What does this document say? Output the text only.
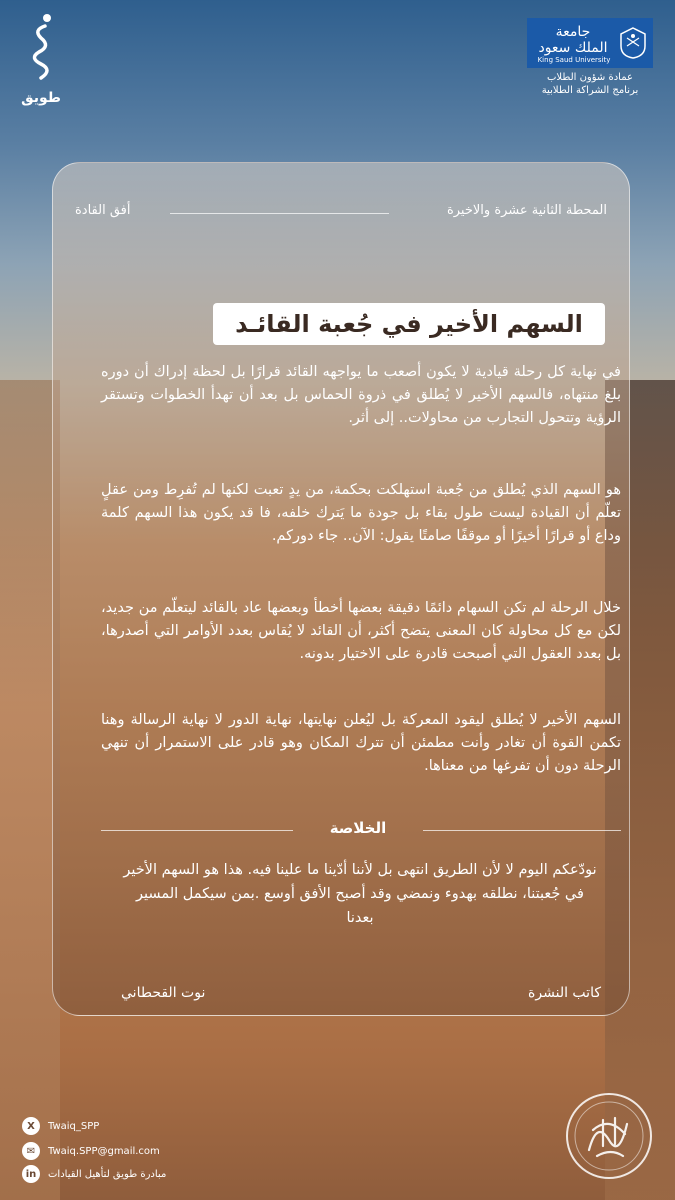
جامعة
الملك سعود
King Saud University
عمادة شؤون الطلاب
برنامج الشراكة الطلابية
طويق
المحطة الثانية عشرة والاخيرة
أفق القادة
السهم الأخير في جُعبة القائـد

في نهاية كل رحلة قيادية لا يكون أصعب ما يواجهه القائد قرارًا بل لحظة إدراك أن دوره بلغ منتهاه، فالسهم الأخير لا يُطلق في ذروة الحماس بل بعد أن تهدأ الخطوات وتستقر الرؤية وتتحول التجارب من محاولات.. إلى أثر.

هو السهم الذي يُطلق من جُعبة استهلكت بحكمة، من يدٍ تعبت لكنها لم تُفرِط ومن عقلٍ تعلّم أن القيادة ليست طول بقاء بل جودة ما يَترك خلفه، فا قد يكون هذا السهم كلمة وداع أو قرارًا أخيرًا أو موقفًا صامتًا يقول: الآن.. جاء دوركم.

خلال الرحلة لم تكن السهام دائمًا دقيقة بعضها أخطأ وبعضها عاد بالقائد ليتعلّم من جديد، لكن مع كل محاولة كان المعنى يتضح أكثر، أن القائد لا يُقاس بعدد الأوامر التي أصدرها، بل بعدد العقول التي أصبحت قادرة على الاختيار بدونه.

السهم الأخير لا يُطلق ليقود المعركة بل ليُعلن نهايتها، نهاية الدور لا نهاية الرسالة وهنا تكمن القوة أن تغادر وأنت مطمئن أن تترك المكان وهو قادر على الاستمرار أن تنهي الرحلة دون أن تفرغها من معناها.

الخلاصة

نودّعكم اليوم لا لأن الطريق انتهى بل لأننا أدّينا ما علينا فيه. هذا هو السهم الأخير في جُعبتنا، نطلقه بهدوء ونمضي وقد أصبح الأفق أوسع .بمن سيكمل المسير بعدنا

كاتب النشرة
نوت القحطاني
X	Twaiq_SPP
✉	Twaiq.SPP@gmail.com
in	مبادرة طويق لتأهيل القيادات
